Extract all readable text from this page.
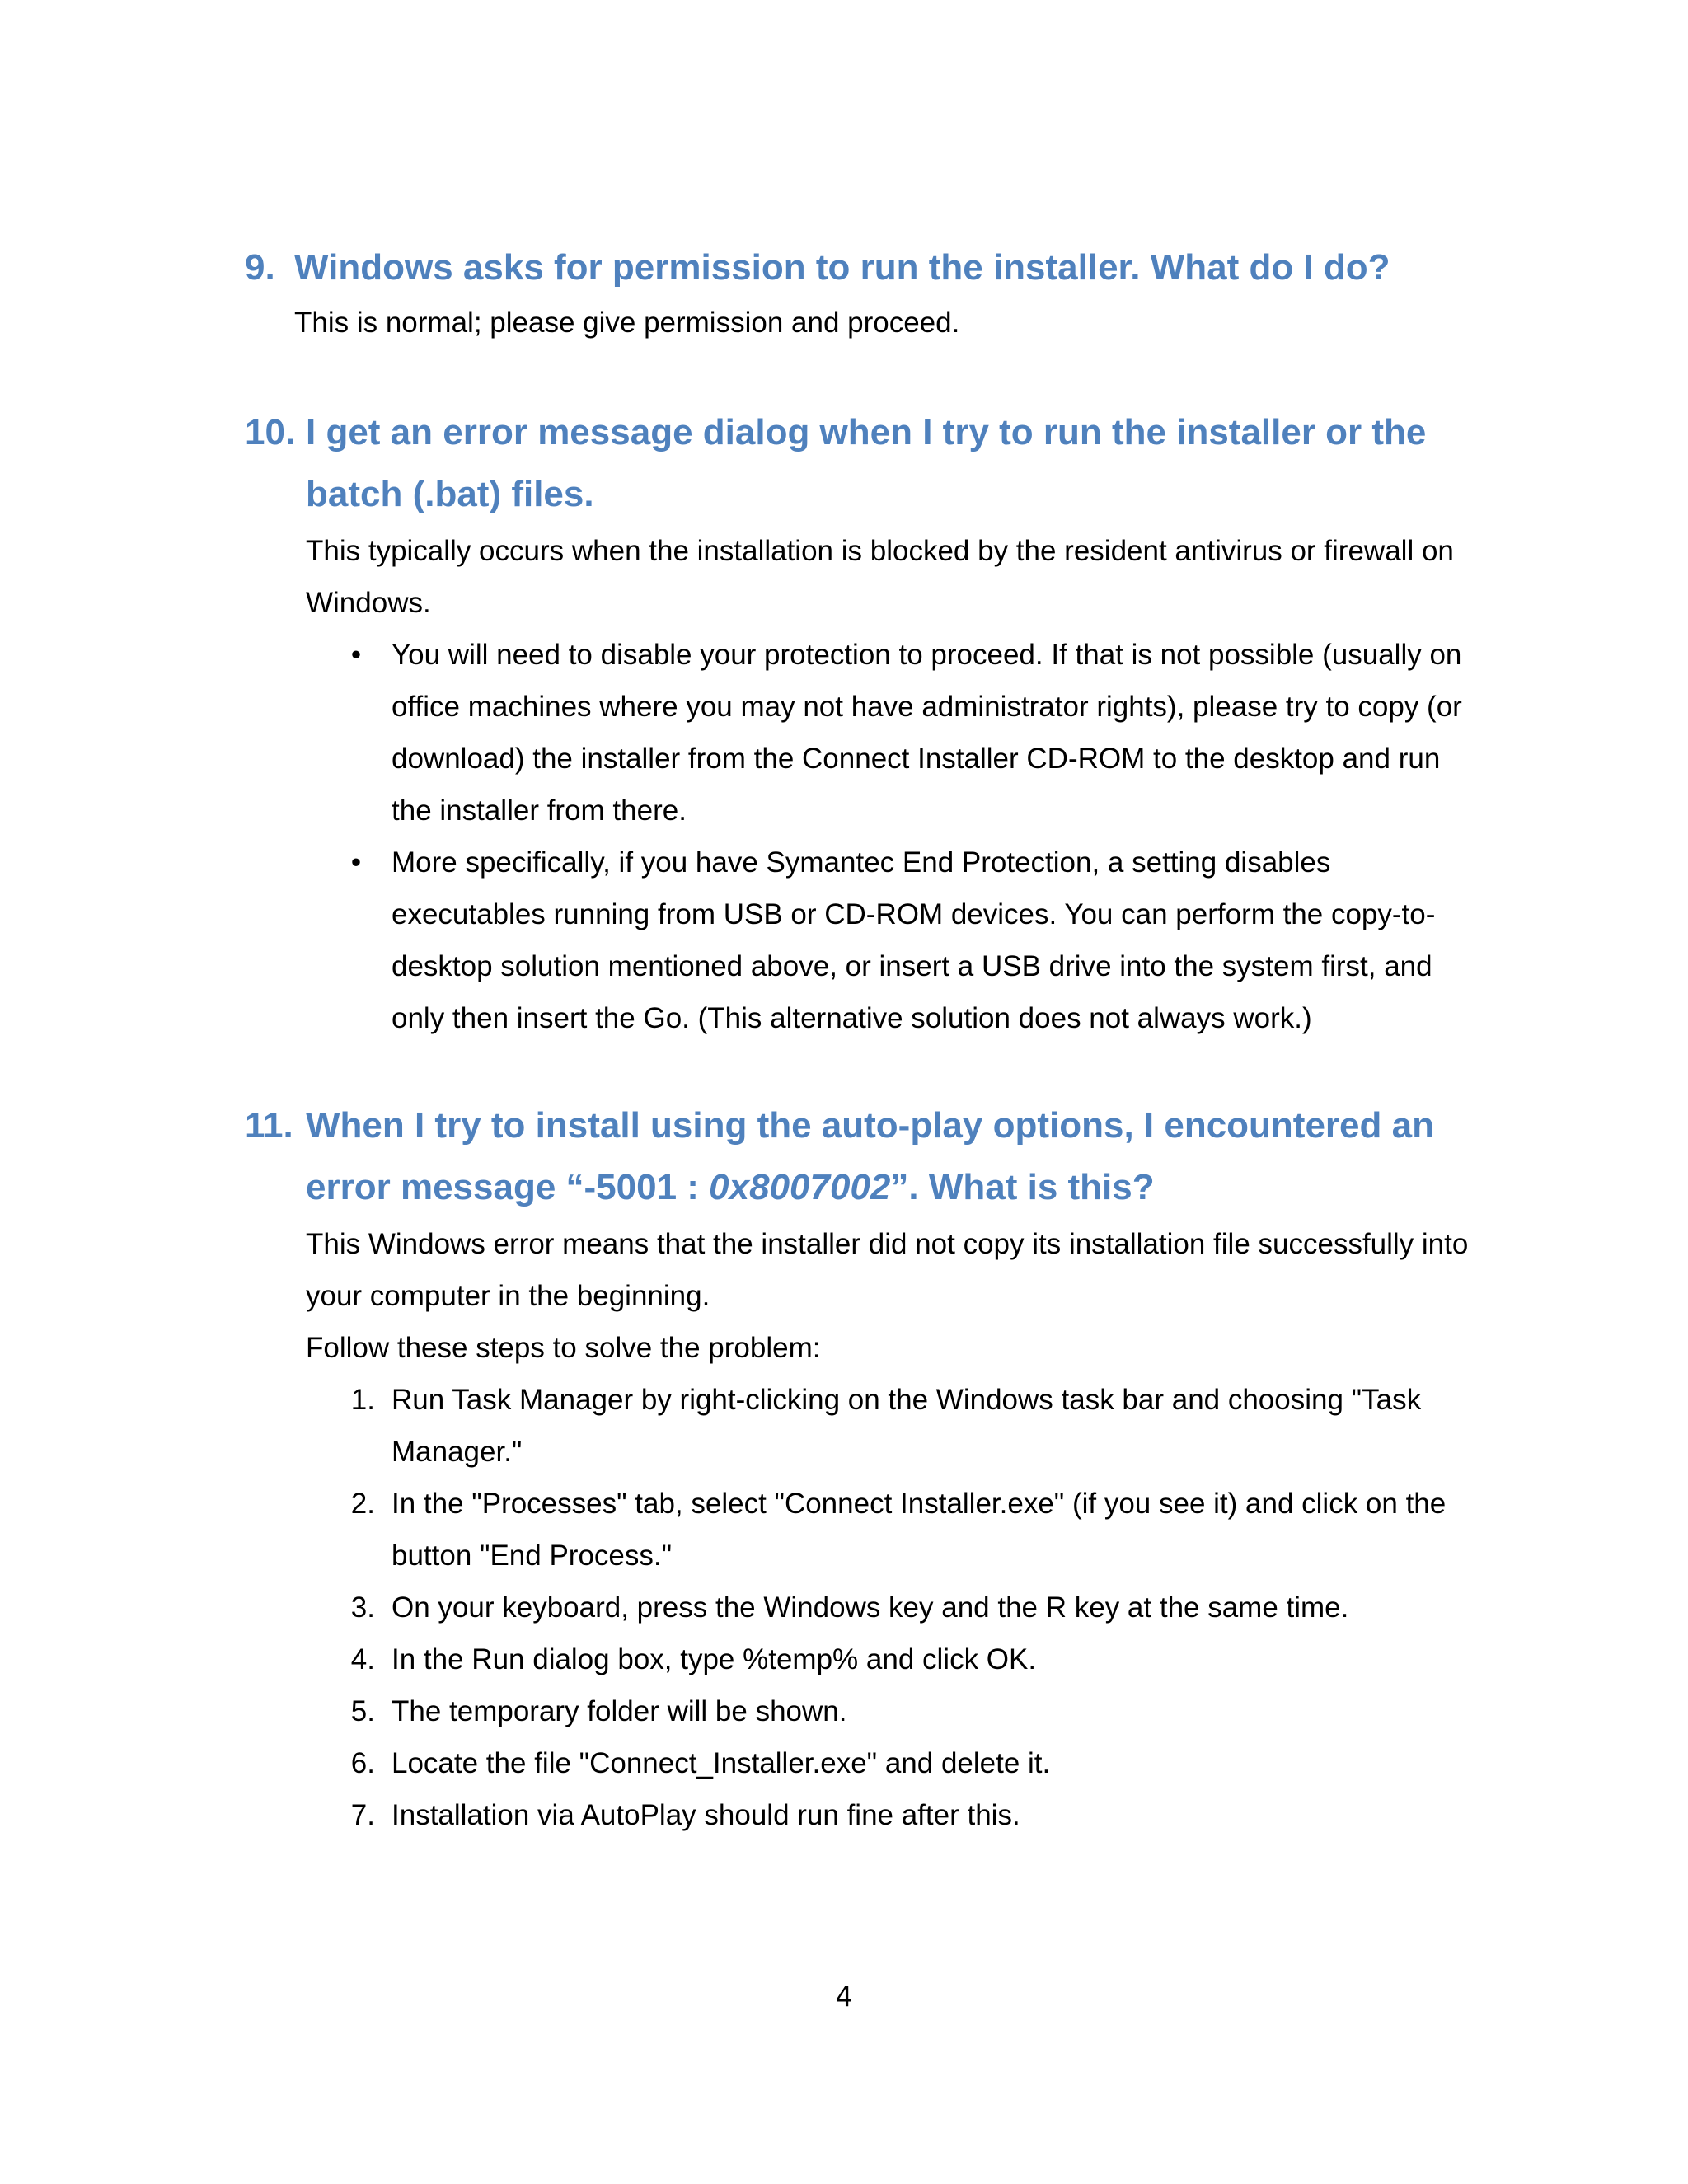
9. Windows asks for permission to run the installer. What do I do?

This is normal; please give permission and proceed.

10. I get an error message dialog when I try to run the installer or the batch (.bat) files.

This typically occurs when the installation is blocked by the resident antivirus or firewall on Windows.

•	You will need to disable your protection to proceed. If that is not possible (usually on office machines where you may not have administrator rights), please try to copy (or download) the installer from the Connect Installer CD-ROM to the desktop and run the installer from there.
•	More specifically, if you have Symantec End Protection, a setting disables executables running from USB or CD-ROM devices. You can perform the copy-to-desktop solution mentioned above, or insert a USB drive into the system first, and only then insert the Go. (This alternative solution does not always work.)
11. When I try to install using the auto-play options, I encountered an error message “-5001 : 0x8007002”. What is this?

This Windows error means that the installer did not copy its installation file successfully into your computer in the beginning.

Follow these steps to solve the problem:

1. Run Task Manager by right-clicking on the Windows task bar and choosing "Task Manager."
2. In the "Processes" tab, select "Connect Installer.exe" (if you see it) and click on the button "End Process."
3. On your keyboard, press the Windows key and the R key at the same time.
4. In the Run dialog box, type %temp% and click OK.
5. The temporary folder will be shown.
6. Locate the file "Connect_Installer.exe" and delete it.
7. Installation via AutoPlay should run fine after this.
4
